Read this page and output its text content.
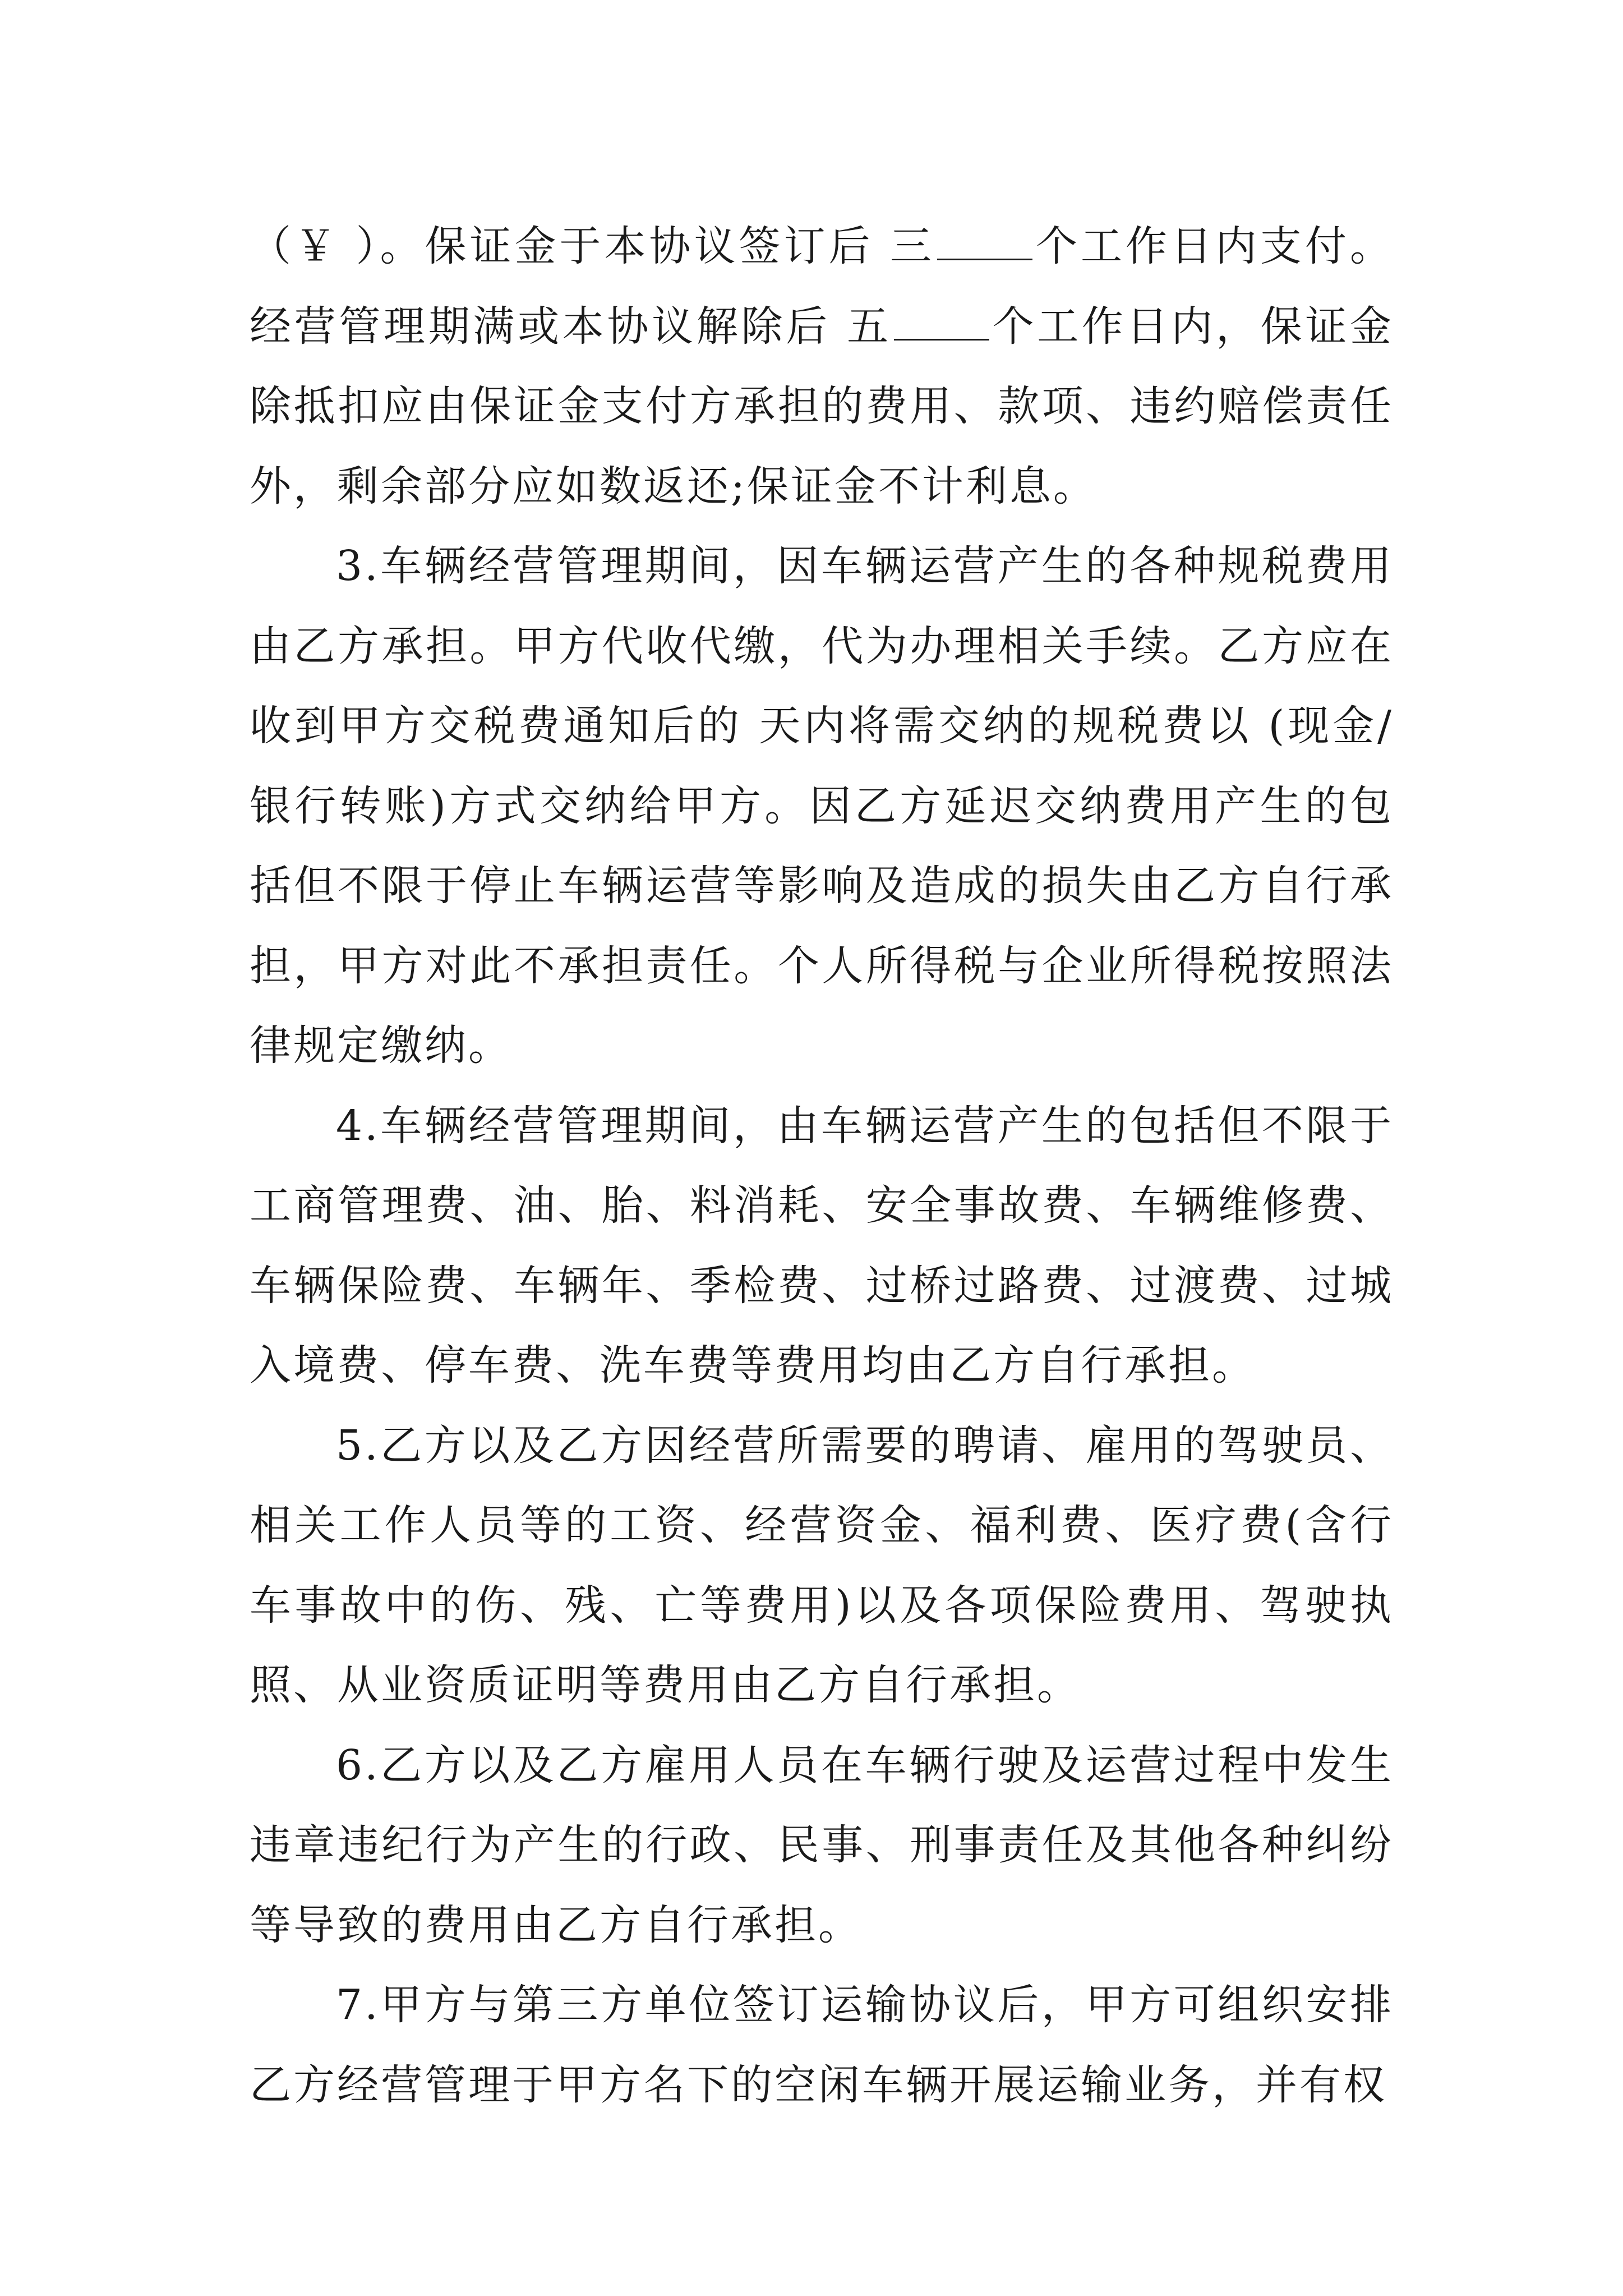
（￥ ）。保证金于本协议签订后 三 个工作日内支付。经营管理期满或本协议解除后 五 个工作日内，保证金除抵扣应由保证金支付方承担的费用、款项、违约赔偿责任外，剩余部分应如数返还;保证金不计利息。

3.车辆经营管理期间，因车辆运营产生的各种规税费用由乙方承担。甲方代收代缴，代为办理相关手续。乙方应在收到甲方交税费通知后的 天内将需交纳的规税费以 (现金/银行转账)方式交纳给甲方。因乙方延迟交纳费用产生的包括但不限于停止车辆运营等影响及造成的损失由乙方自行承担，甲方对此不承担责任。个人所得税与企业所得税按照法律规定缴纳。

4.车辆经营管理期间，由车辆运营产生的包括但不限于工商管理费、油、胎、料消耗、安全事故费、车辆维修费、车辆保险费、车辆年、季检费、过桥过路费、过渡费、过城入境费、停车费、洗车费等费用均由乙方自行承担。

5.乙方以及乙方因经营所需要的聘请、雇用的驾驶员、相关工作人员等的工资、经营资金、福利费、医疗费(含行车事故中的伤、残、亡等费用)以及各项保险费用、驾驶执照、从业资质证明等费用由乙方自行承担。

6.乙方以及乙方雇用人员在车辆行驶及运营过程中发生违章违纪行为产生的行政、民事、刑事责任及其他各种纠纷等导致的费用由乙方自行承担。

7.甲方与第三方单位签订运输协议后，甲方可组织安排乙方经营管理于甲方名下的空闲车辆开展运输业务，并有权
